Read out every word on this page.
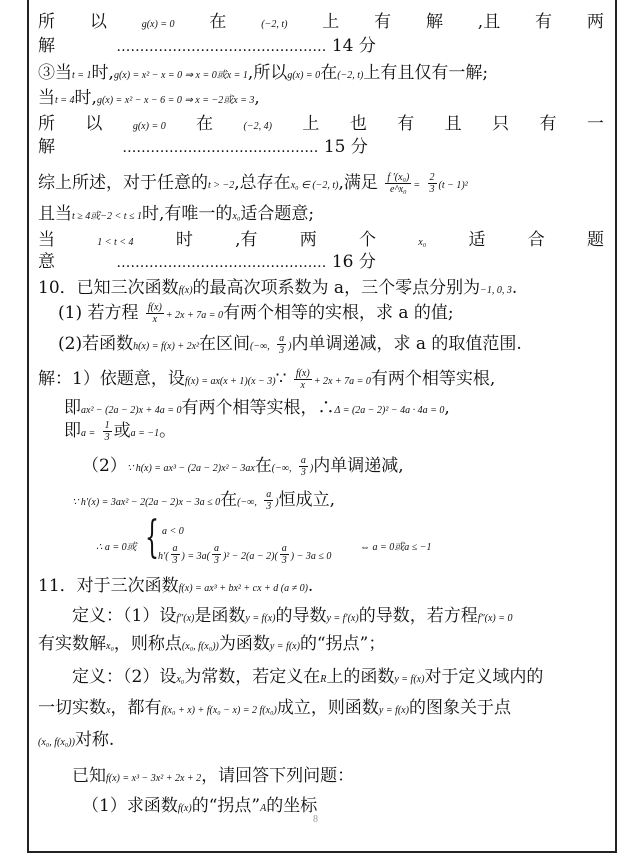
所 以	g(x) = 0 在	(−2, t) 上 有 解 ,且 有 两
解	……………………………………… 14 分
③当t = 1时,g(x) = x² − x = 0 ⇒ x = 0或x = 1,所以g(x) = 0在(−2, t)上有且仅有一解;
当t = 4时,g(x) = x² − x − 6 = 0 ⇒ x = −2或x = 3,
所 以	g(x) = 0 在	(−2, 4) 上 也 有 且 只 有 一
解	…………………………………… 15 分
综上所述，对于任意的t > −2,总存在x₀ ∈ (−2, t),满足 $\frac{\text{f ′(x₀)}}{\text{e\textasciicircum{}x₀}} = \frac{2}{3} (t - 1)^2$
且当t ≥ 4或−2 < t ≤ 1时,有唯一的x₀适合题意;
当	1 < t < 4 时 ,有 两 个	x₀ 适 合 题
意	……………………………………… 16 分
10．已知三次函数f(x)的最高次项系数为 a，三个零点分别为−1, 0, 3.
(1) 若方程 $\frac{f(x)}{x} + 2x + 7a = 0$有两个相等的实根，求 a 的值;
(2)若函数h(x) = f(x) + 2x²在区间(−∞, $\frac{a}{3}$ )内单调递减，求 a 的取值范围.
解：1）依题意，设f(x) = ax(x + 1)(x − 3)∵ $\frac{f(x)}{x} + 2x + 7a = 0$有两个相等实根,
即ax² − (2a − 2)x + 4a = 0有两个相等实根，∴Δ = (2a − 2)² − 4a · 4a = 0,
即$a = \frac{1}{3}$ 或a = −1。
（2）∵ h(x) = ax³ − (2a − 2)x² − 3ax在(−∞, $\frac{a}{3}$ )内单调递减,
∵ h′(x) = 3ax² − 2(2a − 2)x − 3a ≤ 0在(−∞, $\frac{a}{3}$ )恒成立,
∴ a = 0或 { a < 0
$h'( \frac{a}{3}$ ) = $3a( \frac{a}{3} )^2 - 2(a - 2)( \frac{a}{3}$ ) − 3a ≤ 0
⇔ a = 0或a ≤ −1
11．对于三次函数f(x) = ax³ + bx² + cx + d (a ≠ 0).
定义：（1）设f″(x)是函数y = f(x)的导数y = f′(x)的导数，若方程f″(x) = 0
有实数解x₀，则称点(x₀, f(x₀))为函数y = f(x)的“拐点”；
定义：（2）设x₀为常数，若定义在R上的函数y = f(x)对于定义域内的
一切实数x，都有f(x₀ + x) + f(x₀ − x) = 2 f(x₀)成立，则函数y = f(x)的图象关于点
(x₀, f(x₀))对称.
已知f(x) = x³ − 3x² + 2x + 2，请回答下列问题：
（1）求函数f(x)的“拐点”A的坐标
8
